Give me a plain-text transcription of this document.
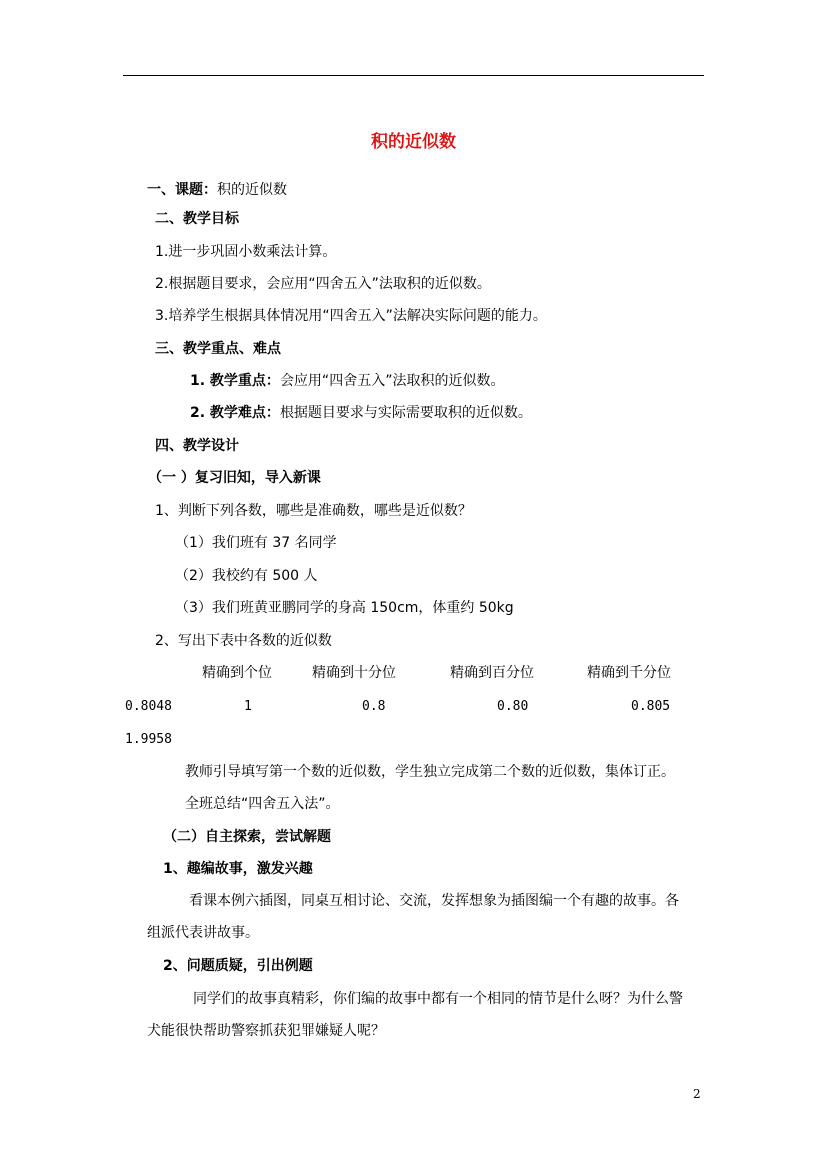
积的近似数
一、课题：积的近似数
二、教学目标
1.进一步巩固小数乘法计算。
2.根据题目要求，会应用“四舍五入”法取积的近似数。
3.培养学生根据具体情况用“四舍五入”法解决实际问题的能力。
三、教学重点、难点
1. 教学重点：会应用“四舍五入”法取积的近似数。
2. 教学难点：根据题目要求与实际需要取积的近似数。
四、教学设计
（一 ）复习旧知，导入新课
1、判断下列各数，哪些是准确数，哪些是近似数？
（1）我们班有 37 名同学
（2）我校约有 500 人
（3）我们班黄亚鹏同学的身高 150cm，体重约 50kg
2、写出下表中各数的近似数
精确到个位	精确到十分位	精确到百分位	精确到千分位
0.8048	1	0.8	0.80	0.805
1.9958
教师引导填写第一个数的近似数，学生独立完成第二个数的近似数，集体订正。
全班总结“四舍五入法”。
（二）自主探索，尝试解题
1、趣编故事，激发兴趣
看课本例六插图，同桌互相讨论、交流，发挥想象为插图编一个有趣的故事。各
组派代表讲故事。
2、问题质疑，引出例题
同学们的故事真精彩，你们编的故事中都有一个相同的情节是什么呀？为什么警
犬能很快帮助警察抓获犯罪嫌疑人呢？
2
